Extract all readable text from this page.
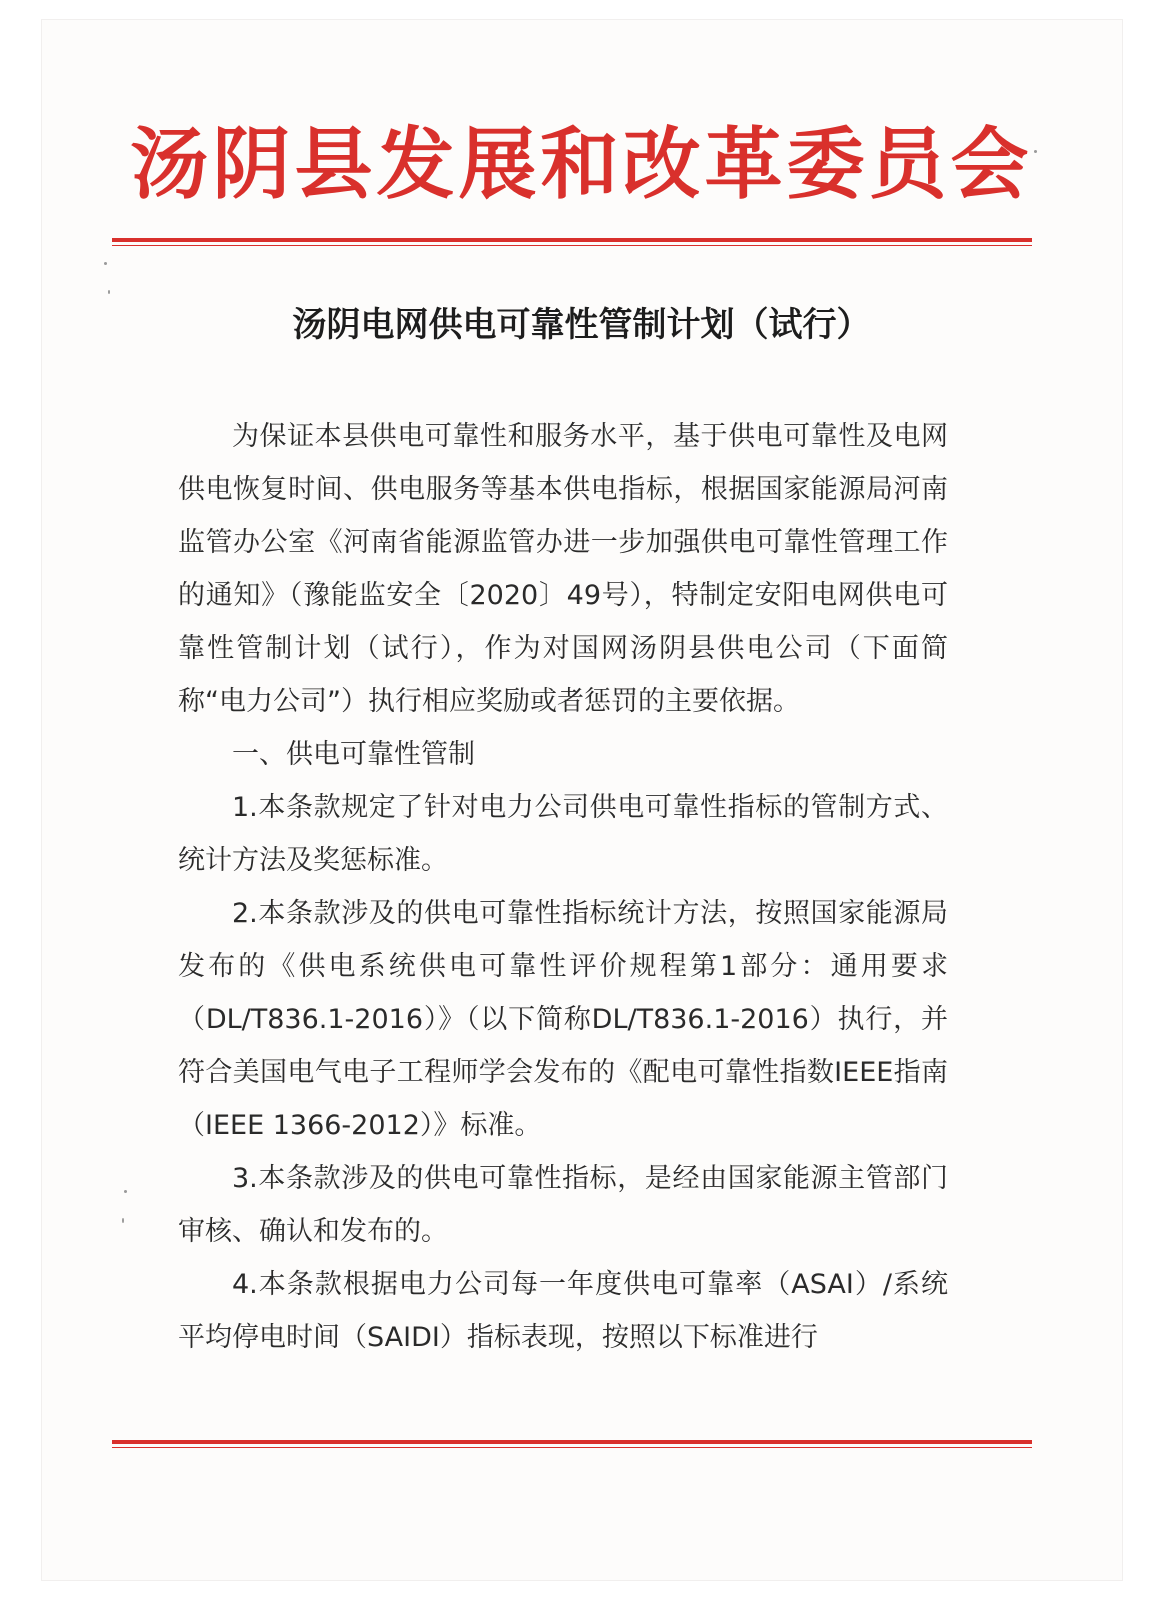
汤阴县发展和改革委员会
汤阴电网供电可靠性管制计划（试行）

为保证本县供电可靠性和服务水平，基于供电可靠性及电网供电恢复时间、供电服务等基本供电指标，根据国家能源局河南监管办公室《河南省能源监管办进一步加强供电可靠性管理工作的通知》（豫能监安全〔2020〕49号），特制定安阳电网供电可靠性管制计划（试行），作为对国网汤阴县供电公司（下面简称“电力公司”）执行相应奖励或者惩罚的主要依据。

一、供电可靠性管制

1.本条款规定了针对电力公司供电可靠性指标的管制方式、统计方法及奖惩标准。

2.本条款涉及的供电可靠性指标统计方法，按照国家能源局发布的《供电系统供电可靠性评价规程第1部分：通用要求（DL/T836.1-2016）》（以下简称DL/T836.1-2016）执行，并符合美国电气电子工程师学会发布的《配电可靠性指数IEEE指南（IEEE 1366-2012）》标准。

3.本条款涉及的供电可靠性指标，是经由国家能源主管部门审核、确认和发布的。

4.本条款根据电力公司每一年度供电可靠率（ASAI）/系统平均停电时间（SAIDI）指标表现，按照以下标准进行
